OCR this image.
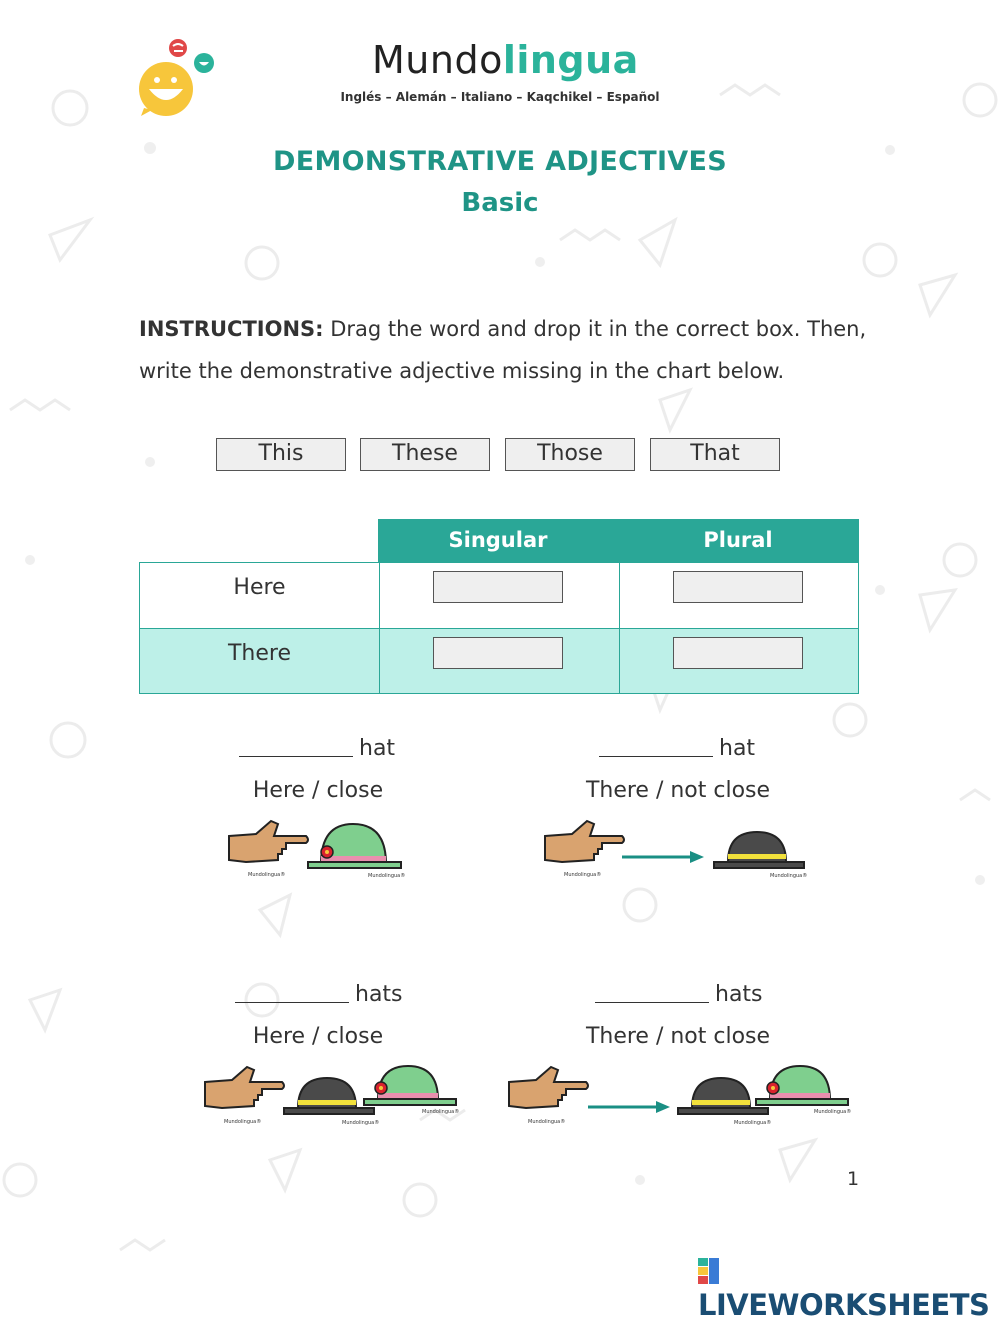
Mundolingua
Inglés – Alemán – Italiano – Kaqchikel – Español
DEMONSTRATIVE ADJECTIVES
Basic
INSTRUCTIONS: Drag the word and drop it in the correct box. Then, write the demonstrative adjective missing in the chart below.
This	These	Those	That
Singular	Plural
Here
There
hat
Here / close
Mundolingua®	Mundolingua®
hat
There / not close
Mundolingua®	Mundolingua®
hats
Here / close
Mundolingua®	Mundolingua®
Mundolingua®
hats
There / not close
Mundolingua®	Mundolingua®
Mundolingua®
1
LIVEWORKSHEETS
